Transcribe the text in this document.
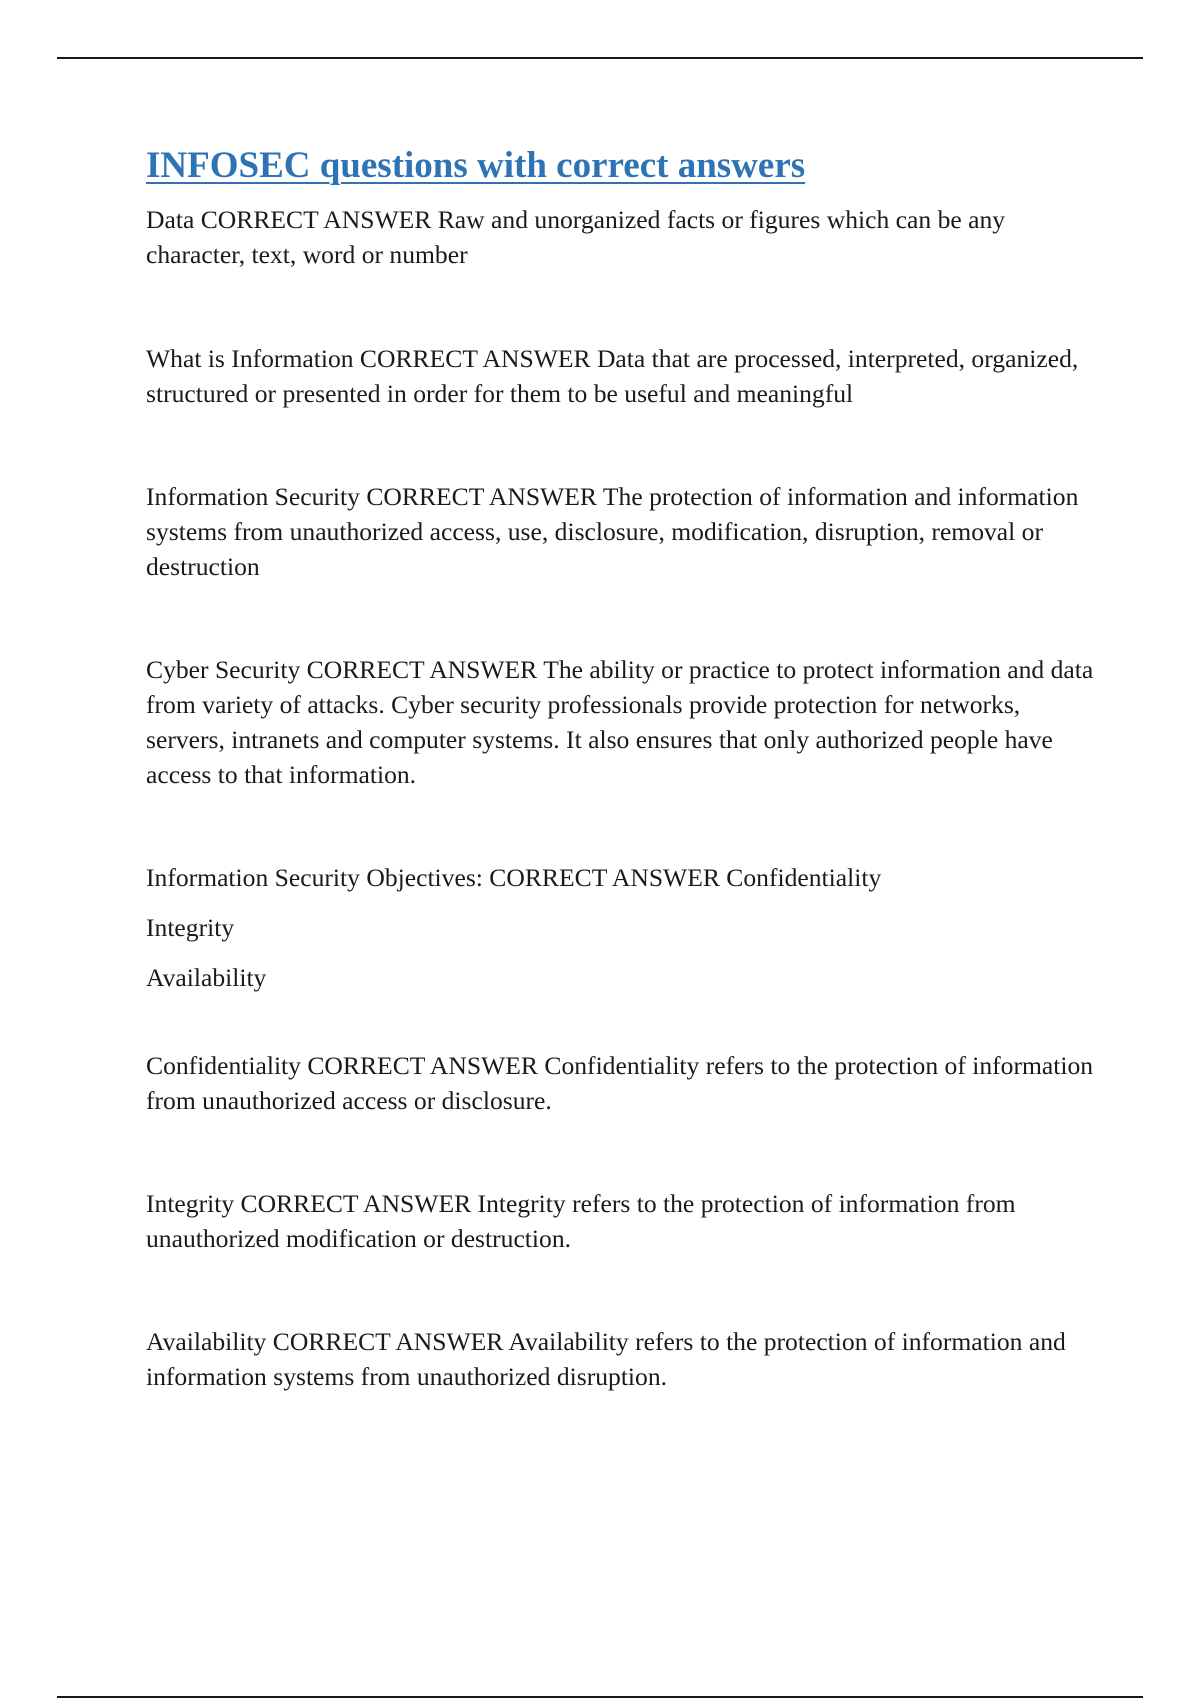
INFOSEC questions with correct answers

Data CORRECT ANSWER Raw and unorganized facts or figures which can be any character, text, word or number

What is Information CORRECT ANSWER Data that are processed, interpreted, organized, structured or presented in order for them to be useful and meaningful

Information Security CORRECT ANSWER The protection of information and information systems from unauthorized access, use, disclosure, modification, disruption, removal or destruction

Cyber Security CORRECT ANSWER The ability or practice to protect information and data from variety of attacks. Cyber security professionals provide protection for networks, servers, intranets and computer systems. It also ensures that only authorized people have access to that information.

Information Security Objectives: CORRECT ANSWER Confidentiality

Integrity

Availability

Confidentiality CORRECT ANSWER Confidentiality refers to the protection of information from unauthorized access or disclosure.

Integrity CORRECT ANSWER Integrity refers to the protection of information from unauthorized modification or destruction.

Availability CORRECT ANSWER Availability refers to the protection of information and information systems from unauthorized disruption.
